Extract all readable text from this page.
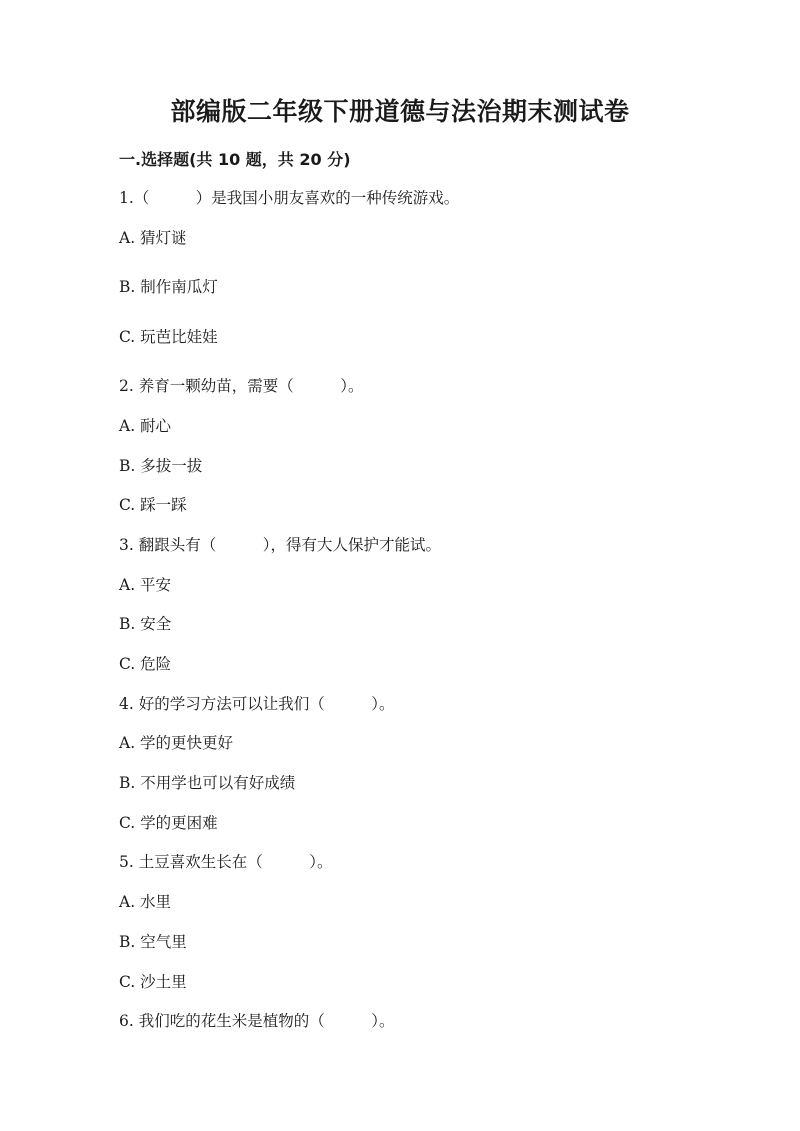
部编版二年级下册道德与法治期末测试卷
一.选择题(共 10 题，共 20 分)
1.（　　　）是我国小朋友喜欢的一种传统游戏。
A. 猜灯谜
B. 制作南瓜灯
C. 玩芭比娃娃
2. 养育一颗幼苗，需要（　　　）。
A. 耐心
B. 多拔一拔
C. 踩一踩
3. 翻跟头有（　　　），得有大人保护才能试。
A. 平安
B. 安全
C. 危险
4. 好的学习方法可以让我们（　　　）。
A. 学的更快更好
B. 不用学也可以有好成绩
C. 学的更困难
5. 土豆喜欢生长在（　　　）。
A. 水里
B. 空气里
C. 沙土里
6. 我们吃的花生米是植物的（　　　）。
